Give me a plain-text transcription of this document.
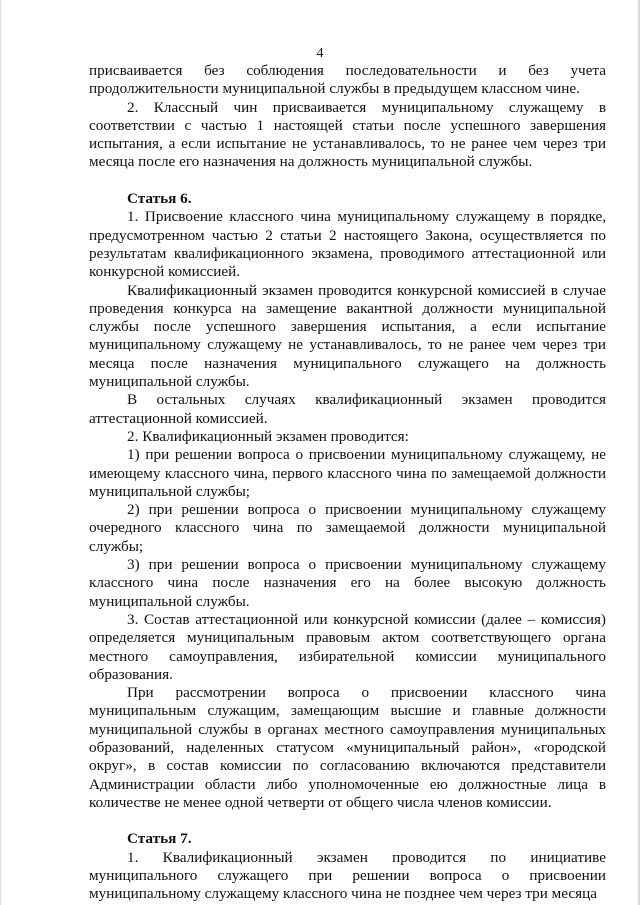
4

присваивается без соблюдения последовательности и без учета продолжительности муниципальной службы в предыдущем классном чине.

2. Классный чин присваивается муниципальному служащему в соответствии с частью 1 настоящей статьи после успешного завершения испытания, а если испытание не устанавливалось, то не ранее чем через три месяца после его назначения на должность муниципальной службы.

Статья 6.

1. Присвоение классного чина муниципальному служащему в порядке, предусмотренном частью 2 статьи 2 настоящего Закона, осуществляется по результатам квалификационного экзамена, проводимого аттестационной или конкурсной комиссией.

Квалификационный экзамен проводится конкурсной комиссией в случае проведения конкурса на замещение вакантной должности муниципальной службы после успешного завершения испытания, а если испытание муниципальному служащему не устанавливалось, то не ранее чем через три месяца после назначения муниципального служащего на должность муниципальной службы.

В остальных случаях квалификационный экзамен проводится аттестационной комиссией.

2. Квалификационный экзамен проводится:

1) при решении вопроса о присвоении муниципальному служащему, не имеющему классного чина, первого классного чина по замещаемой должности муниципальной службы;

2) при решении вопроса о присвоении муниципальному служащему очередного классного чина по замещаемой должности муниципальной службы;

3) при решении вопроса о присвоении муниципальному служащему классного чина после назначения его на более высокую должность муниципальной службы.

3. Состав аттестационной или конкурсной комиссии (далее – комиссия) определяется муниципальным правовым актом соответствующего органа местного самоуправления, избирательной комиссии муниципального образования.

При рассмотрении вопроса о присвоении классного чина муниципальным служащим, замещающим высшие и главные должности муниципальной службы в органах местного самоуправления муниципальных образований, наделенных статусом «муниципальный район», «городской округ», в состав комиссии по согласованию включаются представители Администрации области либо уполномоченные ею должностные лица в количестве не менее одной четверти от общего числа членов комиссии.

Статья 7.

1. Квалификационный экзамен проводится по инициативе муниципального служащего при решении вопроса о присвоении муниципальному служащему классного чина не позднее чем через три месяца
